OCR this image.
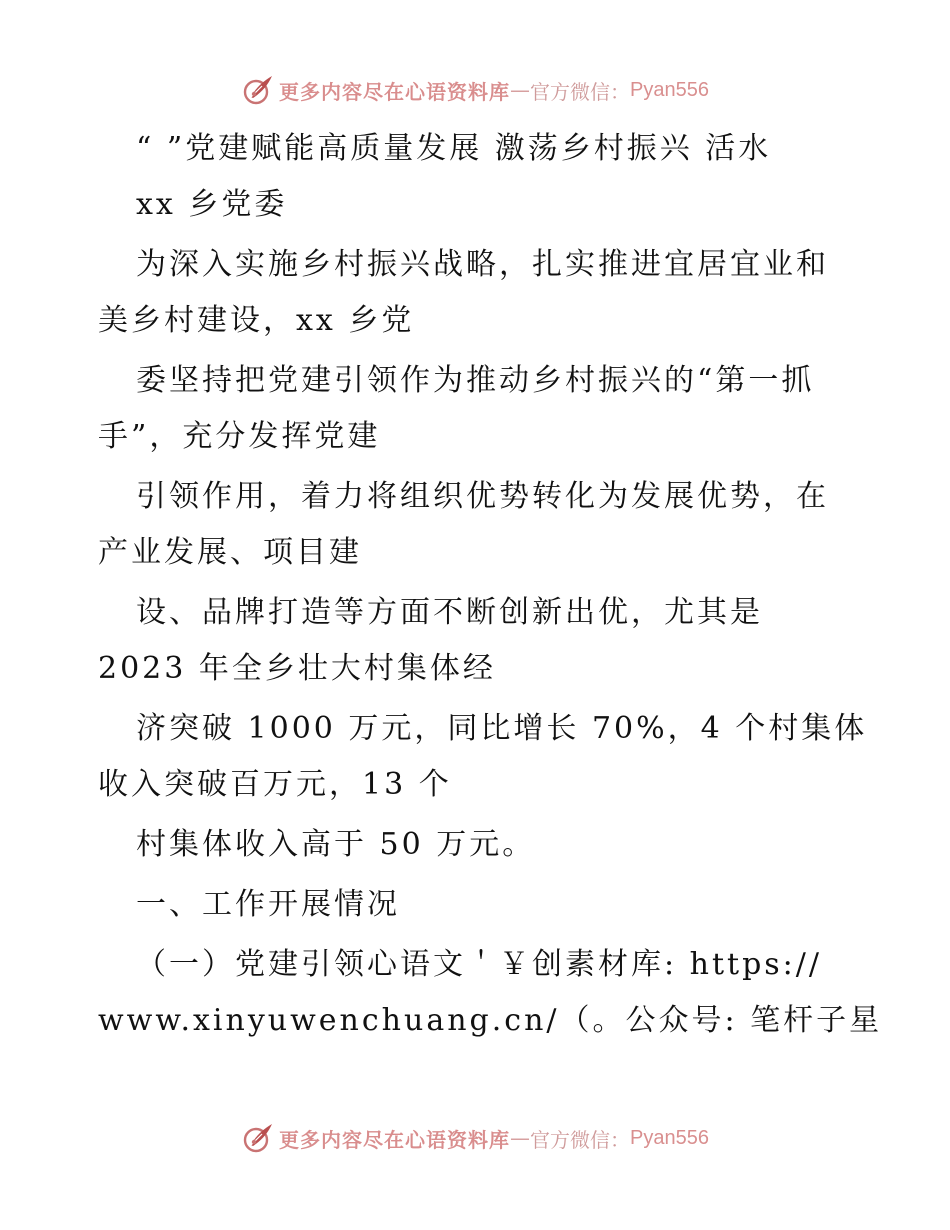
更多内容尽在心语资料库 — 官方微信： Pyan556
“ ”党建赋能高质量发展 激荡乡村振兴 活水
xx 乡党委
为深入实施乡村振兴战略，扎实推进宜居宜业和
美乡村建设，xx 乡党
委坚持把党建引领作为推动乡村振兴的“第一抓
手”，充分发挥党建
引领作用，着力将组织优势转化为发展优势，在
产业发展、项目建
设、品牌打造等方面不断创新出优，尤其是
2023 年全乡壮大村集体经
济突破 1000 万元，同比增长 70%，4 个村集体
收入突破百万元，13 个
村集体收入高于 50 万元。
一、工作开展情况
（一）党建引领心语文＇￥创素材库: https://
www.xinyuwenchuang.cn/（。公众号: 笔杆子星
更多内容尽在心语资料库 — 官方微信： Pyan556
